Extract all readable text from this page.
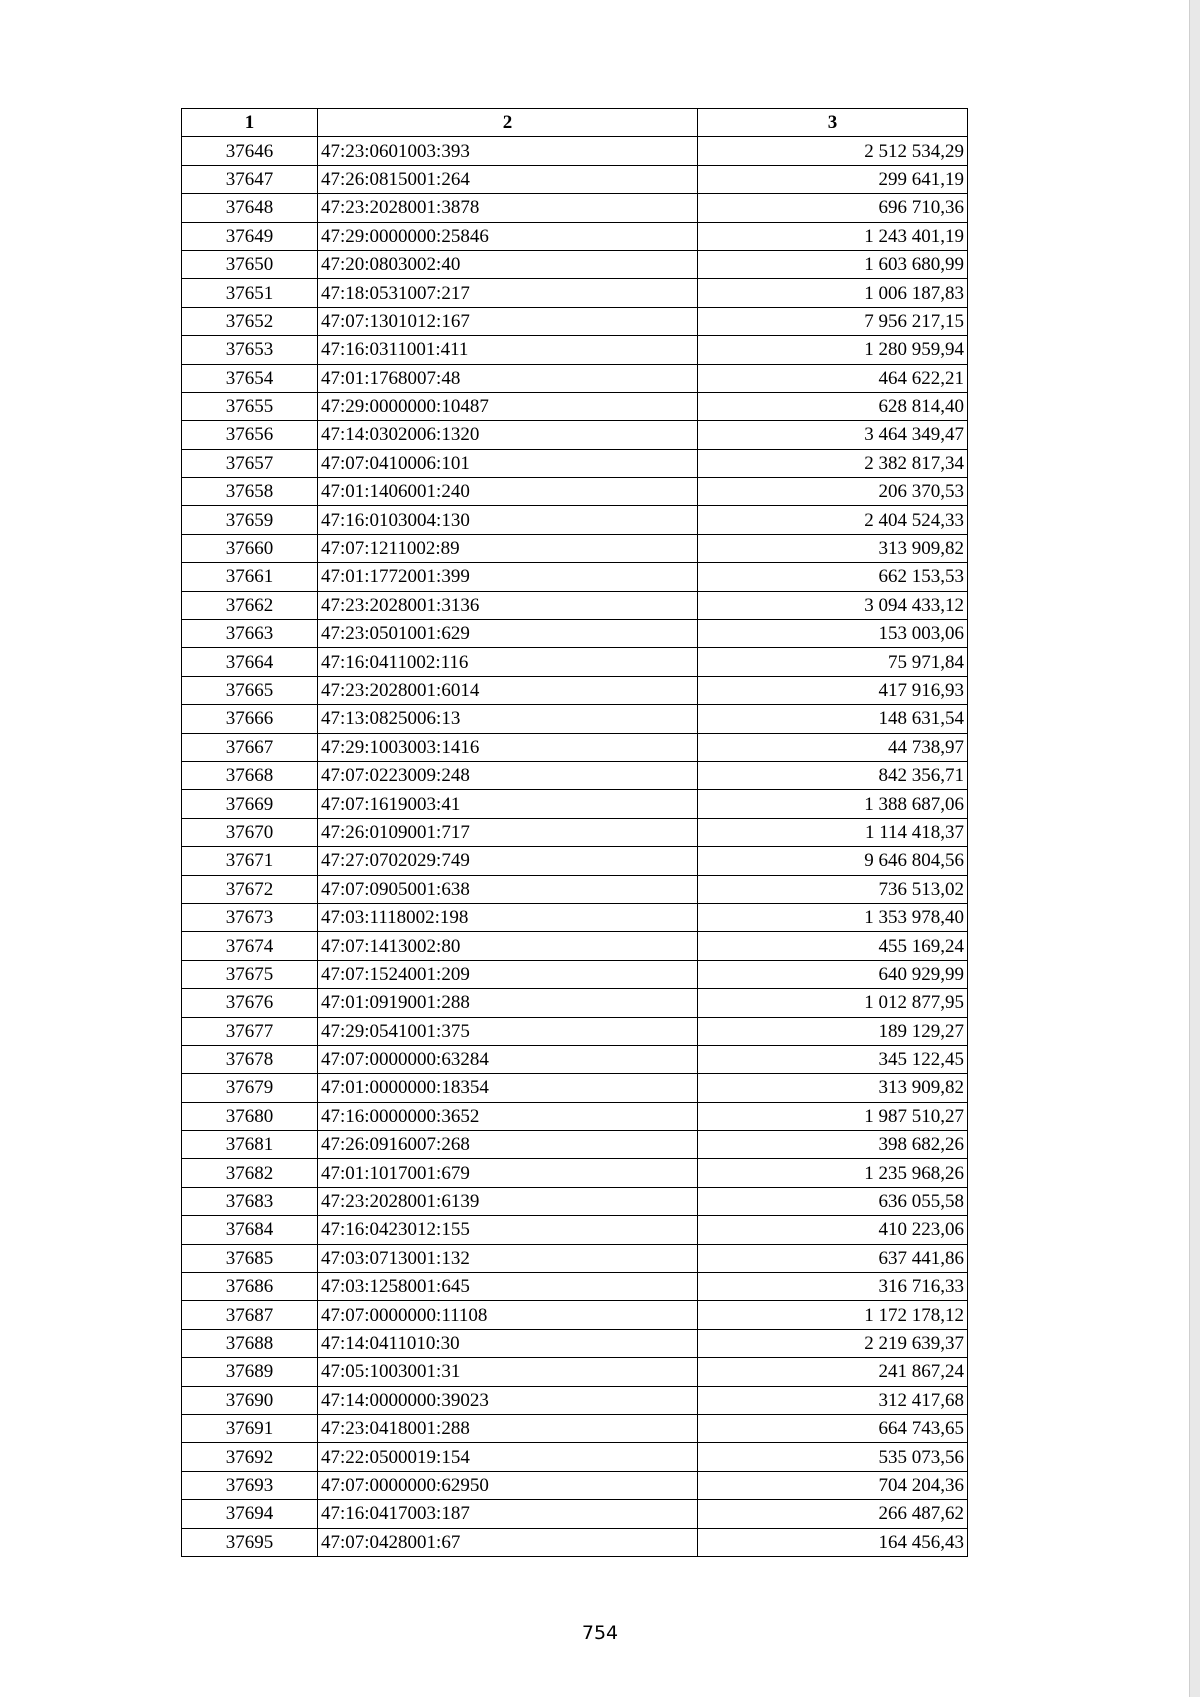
1	2	3
37646	47:23:0601003:393	2 512 534,29
37647	47:26:0815001:264	299 641,19
37648	47:23:2028001:3878	696 710,36
37649	47:29:0000000:25846	1 243 401,19
37650	47:20:0803002:40	1 603 680,99
37651	47:18:0531007:217	1 006 187,83
37652	47:07:1301012:167	7 956 217,15
37653	47:16:0311001:411	1 280 959,94
37654	47:01:1768007:48	464 622,21
37655	47:29:0000000:10487	628 814,40
37656	47:14:0302006:1320	3 464 349,47
37657	47:07:0410006:101	2 382 817,34
37658	47:01:1406001:240	206 370,53
37659	47:16:0103004:130	2 404 524,33
37660	47:07:1211002:89	313 909,82
37661	47:01:1772001:399	662 153,53
37662	47:23:2028001:3136	3 094 433,12
37663	47:23:0501001:629	153 003,06
37664	47:16:0411002:116	75 971,84
37665	47:23:2028001:6014	417 916,93
37666	47:13:0825006:13	148 631,54
37667	47:29:1003003:1416	44 738,97
37668	47:07:0223009:248	842 356,71
37669	47:07:1619003:41	1 388 687,06
37670	47:26:0109001:717	1 114 418,37
37671	47:27:0702029:749	9 646 804,56
37672	47:07:0905001:638	736 513,02
37673	47:03:1118002:198	1 353 978,40
37674	47:07:1413002:80	455 169,24
37675	47:07:1524001:209	640 929,99
37676	47:01:0919001:288	1 012 877,95
37677	47:29:0541001:375	189 129,27
37678	47:07:0000000:63284	345 122,45
37679	47:01:0000000:18354	313 909,82
37680	47:16:0000000:3652	1 987 510,27
37681	47:26:0916007:268	398 682,26
37682	47:01:1017001:679	1 235 968,26
37683	47:23:2028001:6139	636 055,58
37684	47:16:0423012:155	410 223,06
37685	47:03:0713001:132	637 441,86
37686	47:03:1258001:645	316 716,33
37687	47:07:0000000:11108	1 172 178,12
37688	47:14:0411010:30	2 219 639,37
37689	47:05:1003001:31	241 867,24
37690	47:14:0000000:39023	312 417,68
37691	47:23:0418001:288	664 743,65
37692	47:22:0500019:154	535 073,56
37693	47:07:0000000:62950	704 204,36
37694	47:16:0417003:187	266 487,62
37695	47:07:0428001:67	164 456,43
754
